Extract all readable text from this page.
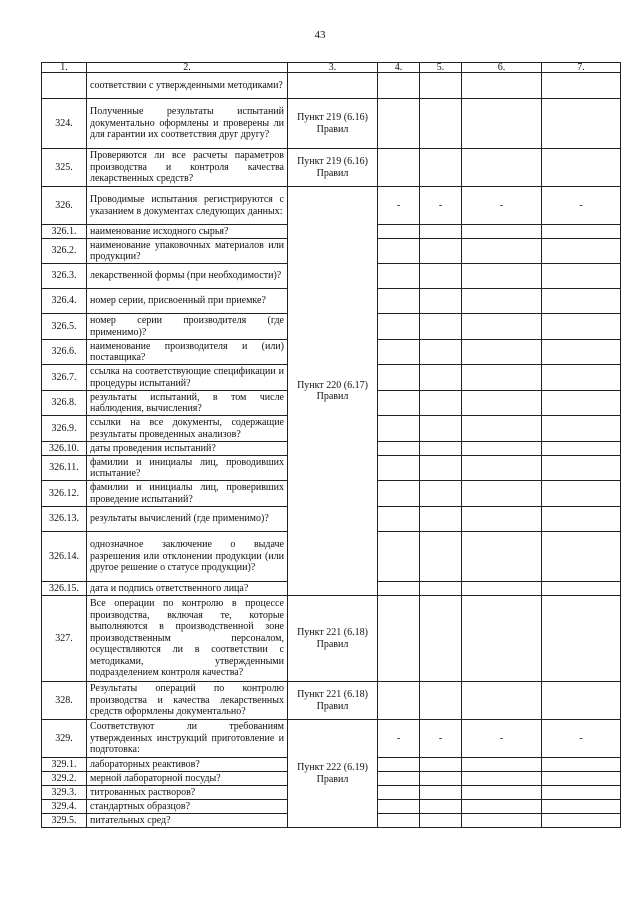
43
1.	2.	3.	4.	5.	6.	7.	
	соответствии с утвержденными методиками?						
324.	Полученные результаты испытаний документально оформлены и проверены ли для гарантии их соответствия друг другу?	Пункт 219 (6.16) Правил					
325.	Проверяются ли все расчеты параметров производства и контроля качества лекарственных средств?	Пункт 219 (6.16) Правил					
326.	Проводимые испытания регистрируются с указанием в документах следующих данных:	Пункт 220 (6.17) Правил	-	-	-	-	
326.1.	наименование исходного сырья?						
326.2.	наименование упаковочных материалов или продукции?						
326.3.	лекарственной формы (при необходимости)?						
326.4.	номер серии, присвоенный при приемке?						
326.5.	номер серии производителя (где применимо)?						
326.6.	наименование производителя и (или) поставщика?						
326.7.	ссылка на соответствующие спецификации и процедуры испытаний?						
326.8.	результаты испытаний, в том числе наблюдения, вычисления?						
326.9.	ссылки на все документы, содержащие результаты проведенных анализов?						
326.10.	даты проведения испытаний?						
326.11.	фамилии и инициалы лиц, проводивших испытание?						
326.12.	фамилии и инициалы лиц, проверивших проведение испытаний?						
326.13.	результаты вычислений (где применимо)?						
326.14.	однозначное заключение о выдаче разрешения или отклонении продукции (или другое решение о статусе продукции)?						
326.15.	дата и подпись ответственного лица?						
327.	Все операции по контролю в процессе производства, включая те, которые выполняются в производственной зоне производственным персоналом, осуществляются ли в соответствии с методиками, утвержденными подразделением контроля качества?	Пункт 221 (6.18) Правил					
328.	Результаты операций по контролю производства и качества лекарственных средств оформлены документально?	Пункт 221 (6.18) Правил					
329.	Соответствуют ли требованиям утвержденных инструкций приготовление и подготовка:	Пункт 222 (6.19) Правил	-	-	-	-	
329.1.	лабораторных реактивов?						
329.2.	мерной лабораторной посуды?						
329.3.	титрованных растворов?						
329.4.	стандартных образцов?						
329.5.	питательных сред?						
